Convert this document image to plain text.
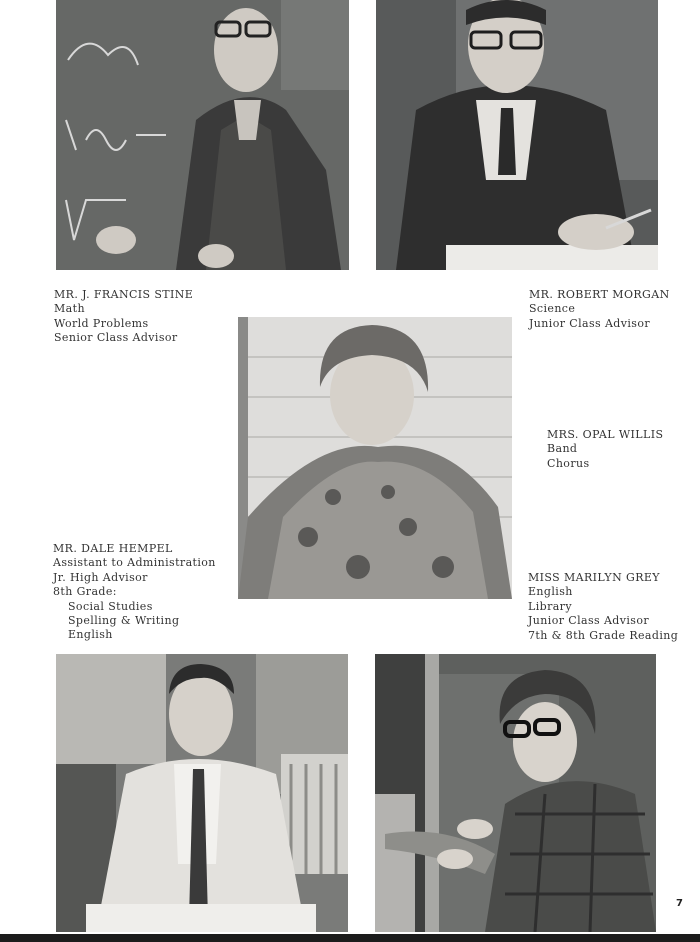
MR. J. FRANCIS STINE
Math
World Problems
Senior Class Advisor
MR. ROBERT MORGAN
Science
Junior Class Advisor
MRS. OPAL WILLIS
Band
Chorus
MR. DALE HEMPEL
Assistant to Administration
Jr. High Advisor
8th Grade:
Social Studies
Spelling & Writing
English
MISS MARILYN GREY
English
Library
Junior Class Advisor
7th & 8th Grade Reading
7
